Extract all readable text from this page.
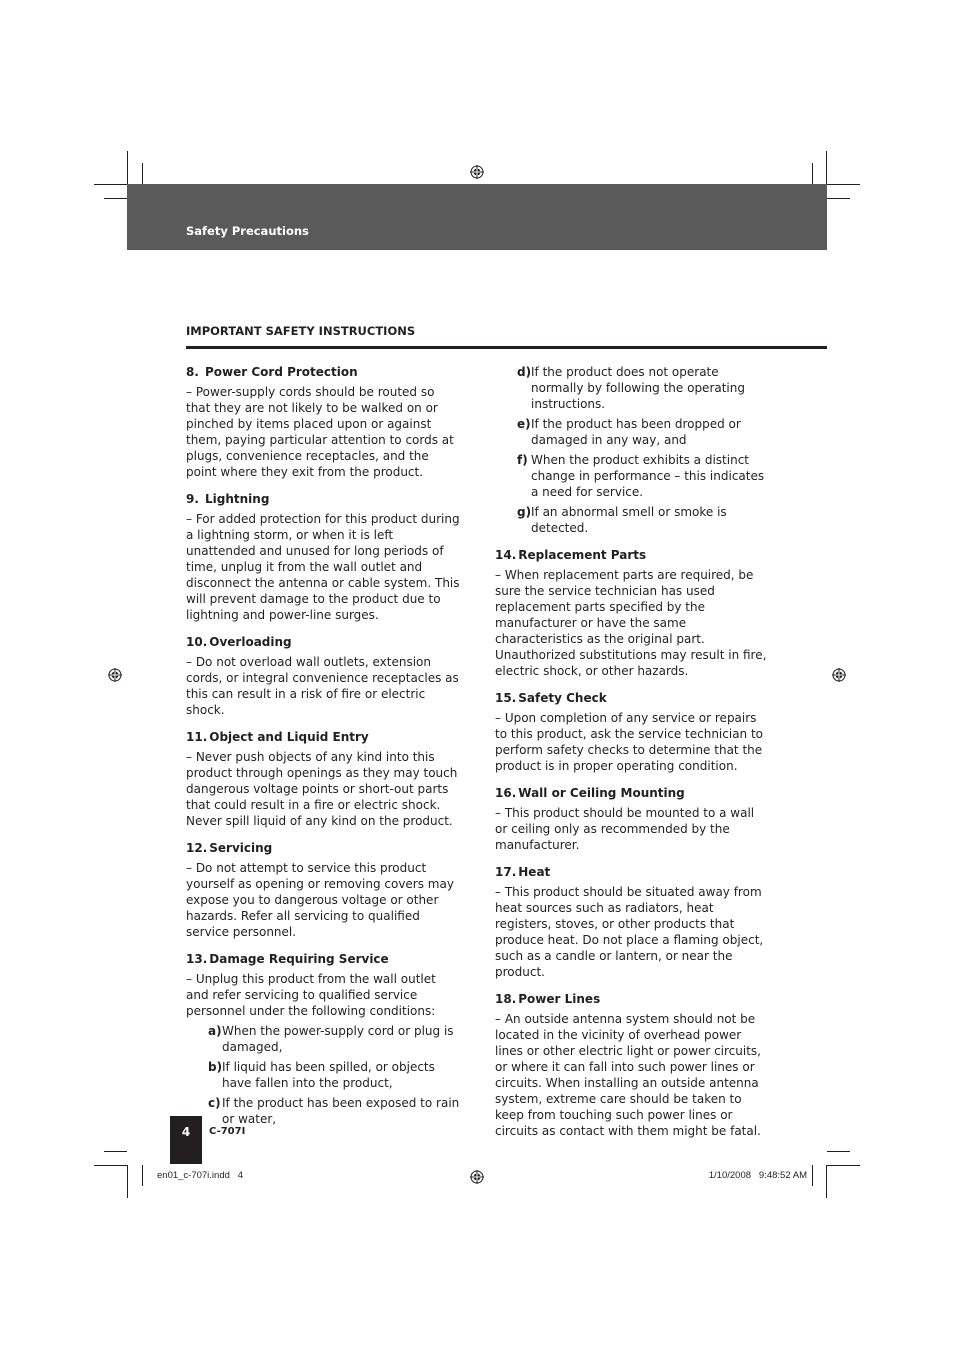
Safety Precautions
IMPORTANT SAFETY INSTRUCTIONS
8. Power Cord Protection

– Power-supply cords should be routed so that they are not likely to be walked on or pinched by items placed upon or against them, paying particular attention to cords at plugs, convenience receptacles, and the point where they exit from the product.

9. Lightning

– For added protection for this product during a lightning storm, or when it is left unattended and unused for long periods of time, unplug it from the wall outlet and disconnect the antenna or cable system. This will prevent damage to the product due to lightning and power-line surges.

10. Overloading

– Do not overload wall outlets, extension cords, or integral convenience receptacles as this can result in a risk of fire or electric shock.

11. Object and Liquid Entry

– Never push objects of any kind into this product through openings as they may touch dangerous voltage points or short-out parts that could result in a fire or electric shock. Never spill liquid of any kind on the product.

12. Servicing

– Do not attempt to service this product yourself as opening or removing covers may expose you to dangerous voltage or other hazards. Refer all servicing to qualified service personnel.

13. Damage Requiring Service

– Unplug this product from the wall outlet and refer servicing to qualified service personnel under the following conditions:

a) When the power-supply cord or plug is damaged,
b) If liquid has been spilled, or objects have fallen into the product,
c) If the product has been exposed to rain or water,
d) If the product does not operate normally by following the operating instructions.
e) If the product has been dropped or damaged in any way, and
f) When the product exhibits a distinct change in performance – this indicates a need for service.
g) If an abnormal smell or smoke is detected.
14. Replacement Parts

– When replacement parts are required, be sure the service technician has used replacement parts specified by the manufacturer or have the same characteristics as the original part. Unauthorized substitutions may result in fire, electric shock, or other hazards.

15. Safety Check

– Upon completion of any service or repairs to this product, ask the service technician to perform safety checks to determine that the product is in proper operating condition.

16. Wall or Ceiling Mounting

– This product should be mounted to a wall or ceiling only as recommended by the manufacturer.

17. Heat

– This product should be situated away from heat sources such as radiators, heat registers, stoves, or other products that produce heat. Do not place a flaming object, such as a candle or lantern, or near the product.

18. Power Lines

– An outside antenna system should not be located in the vicinity of overhead power lines or other electric light or power circuits, or where it can fall into such power lines or circuits. When installing an outside antenna system, extreme care should be taken to keep from touching such power lines or circuits as contact with them might be fatal.

4	C-707I
en01_c-707i.indd   4	1/10/2008   9:48:52 AM
